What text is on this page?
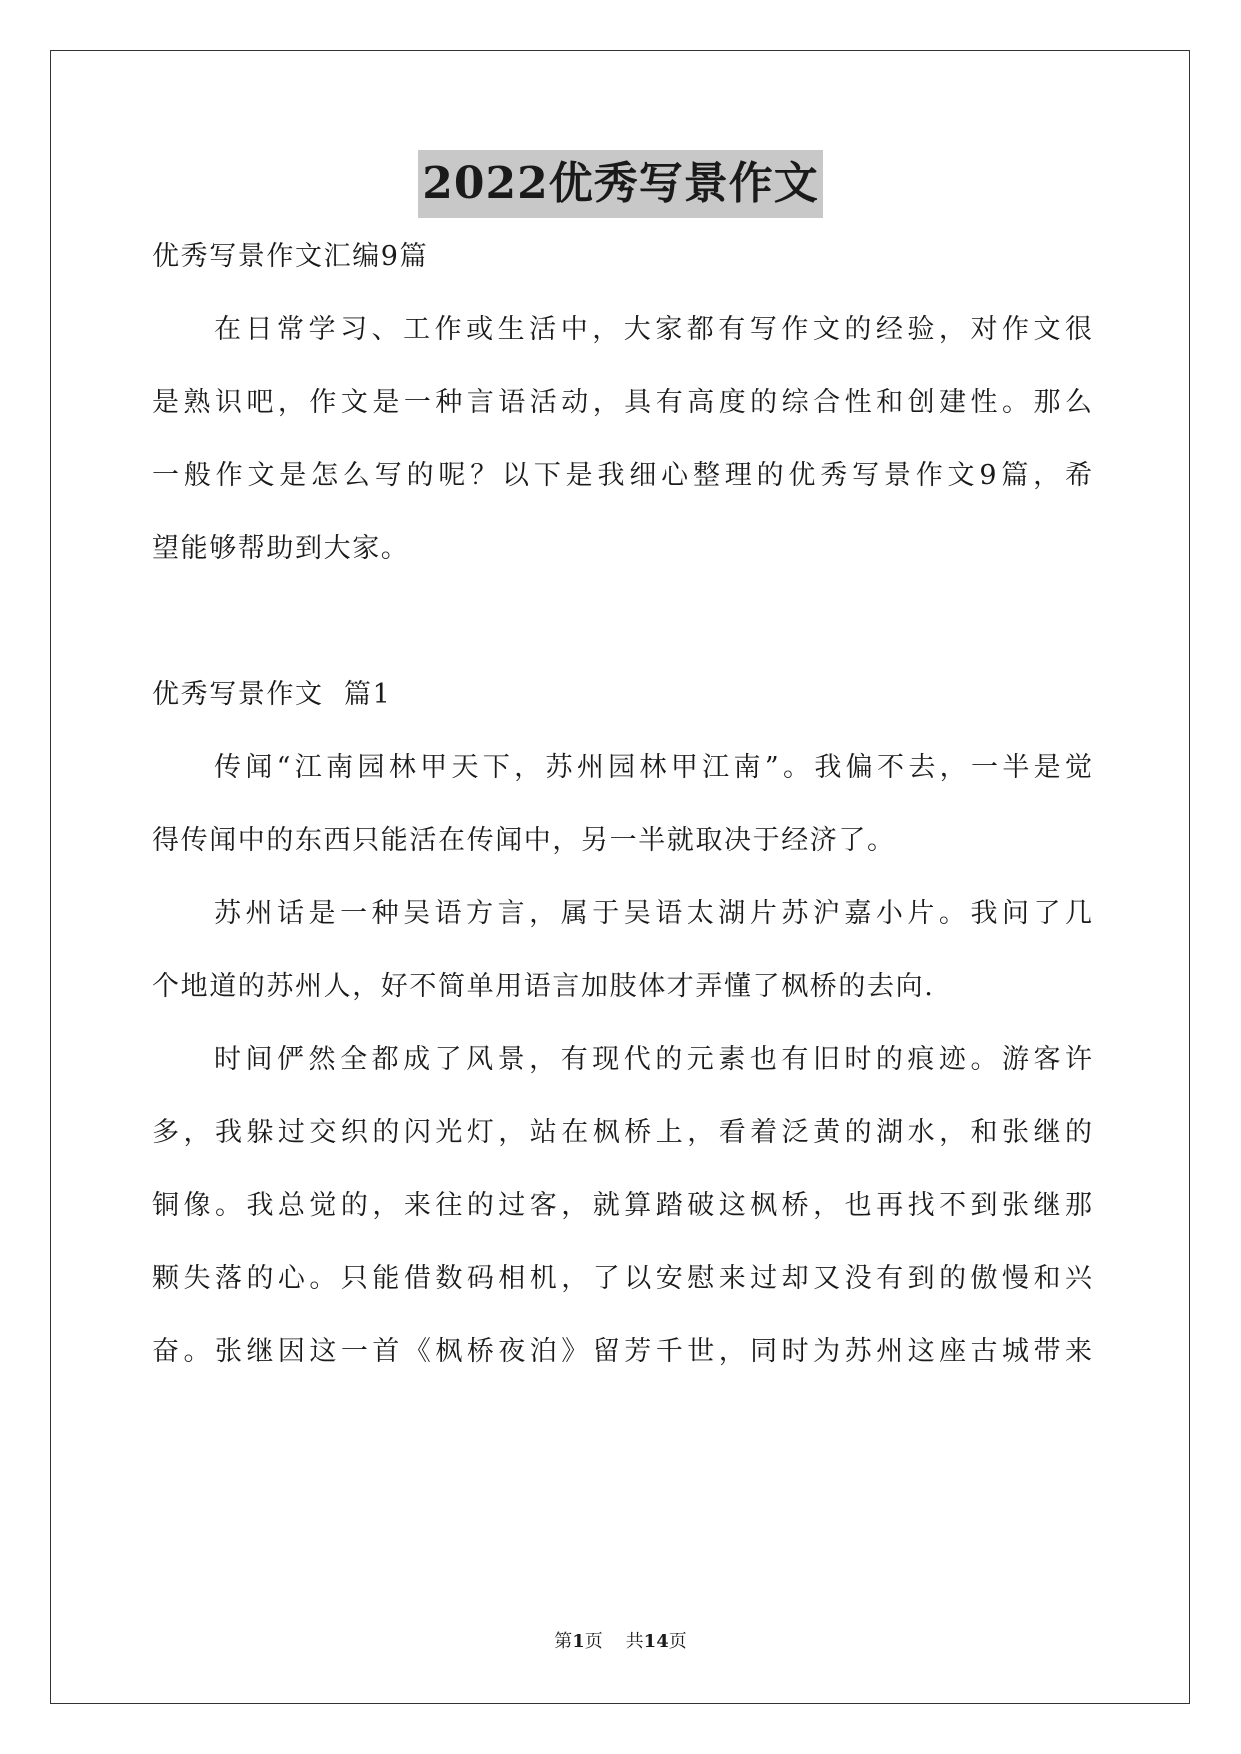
2022优秀写景作文
优秀写景作文汇编9篇
在日常学习、工作或生活中，大家都有写作文的经验，对作文很
是熟识吧，作文是一种言语活动，具有高度的综合性和创建性。那么
一般作文是怎么写的呢？以下是我细心整理的优秀写景作文9篇，希
望能够帮助到大家。
优秀写景作文  篇1
传闻“江南园林甲天下，苏州园林甲江南”。我偏不去，一半是觉
得传闻中的东西只能活在传闻中，另一半就取决于经济了。
苏州话是一种吴语方言，属于吴语太湖片苏沪嘉小片。我问了几
个地道的苏州人，好不简单用语言加肢体才弄懂了枫桥的去向.
时间俨然全都成了风景，有现代的元素也有旧时的痕迹。游客许
多，我躲过交织的闪光灯，站在枫桥上，看着泛黄的湖水，和张继的
铜像。我总觉的，来往的过客，就算踏破这枫桥，也再找不到张继那
颗失落的心。只能借数码相机，了以安慰来过却又没有到的傲慢和兴
奋。张继因这一首《枫桥夜泊》留芳千世，同时为苏州这座古城带来
第1页    共14页
